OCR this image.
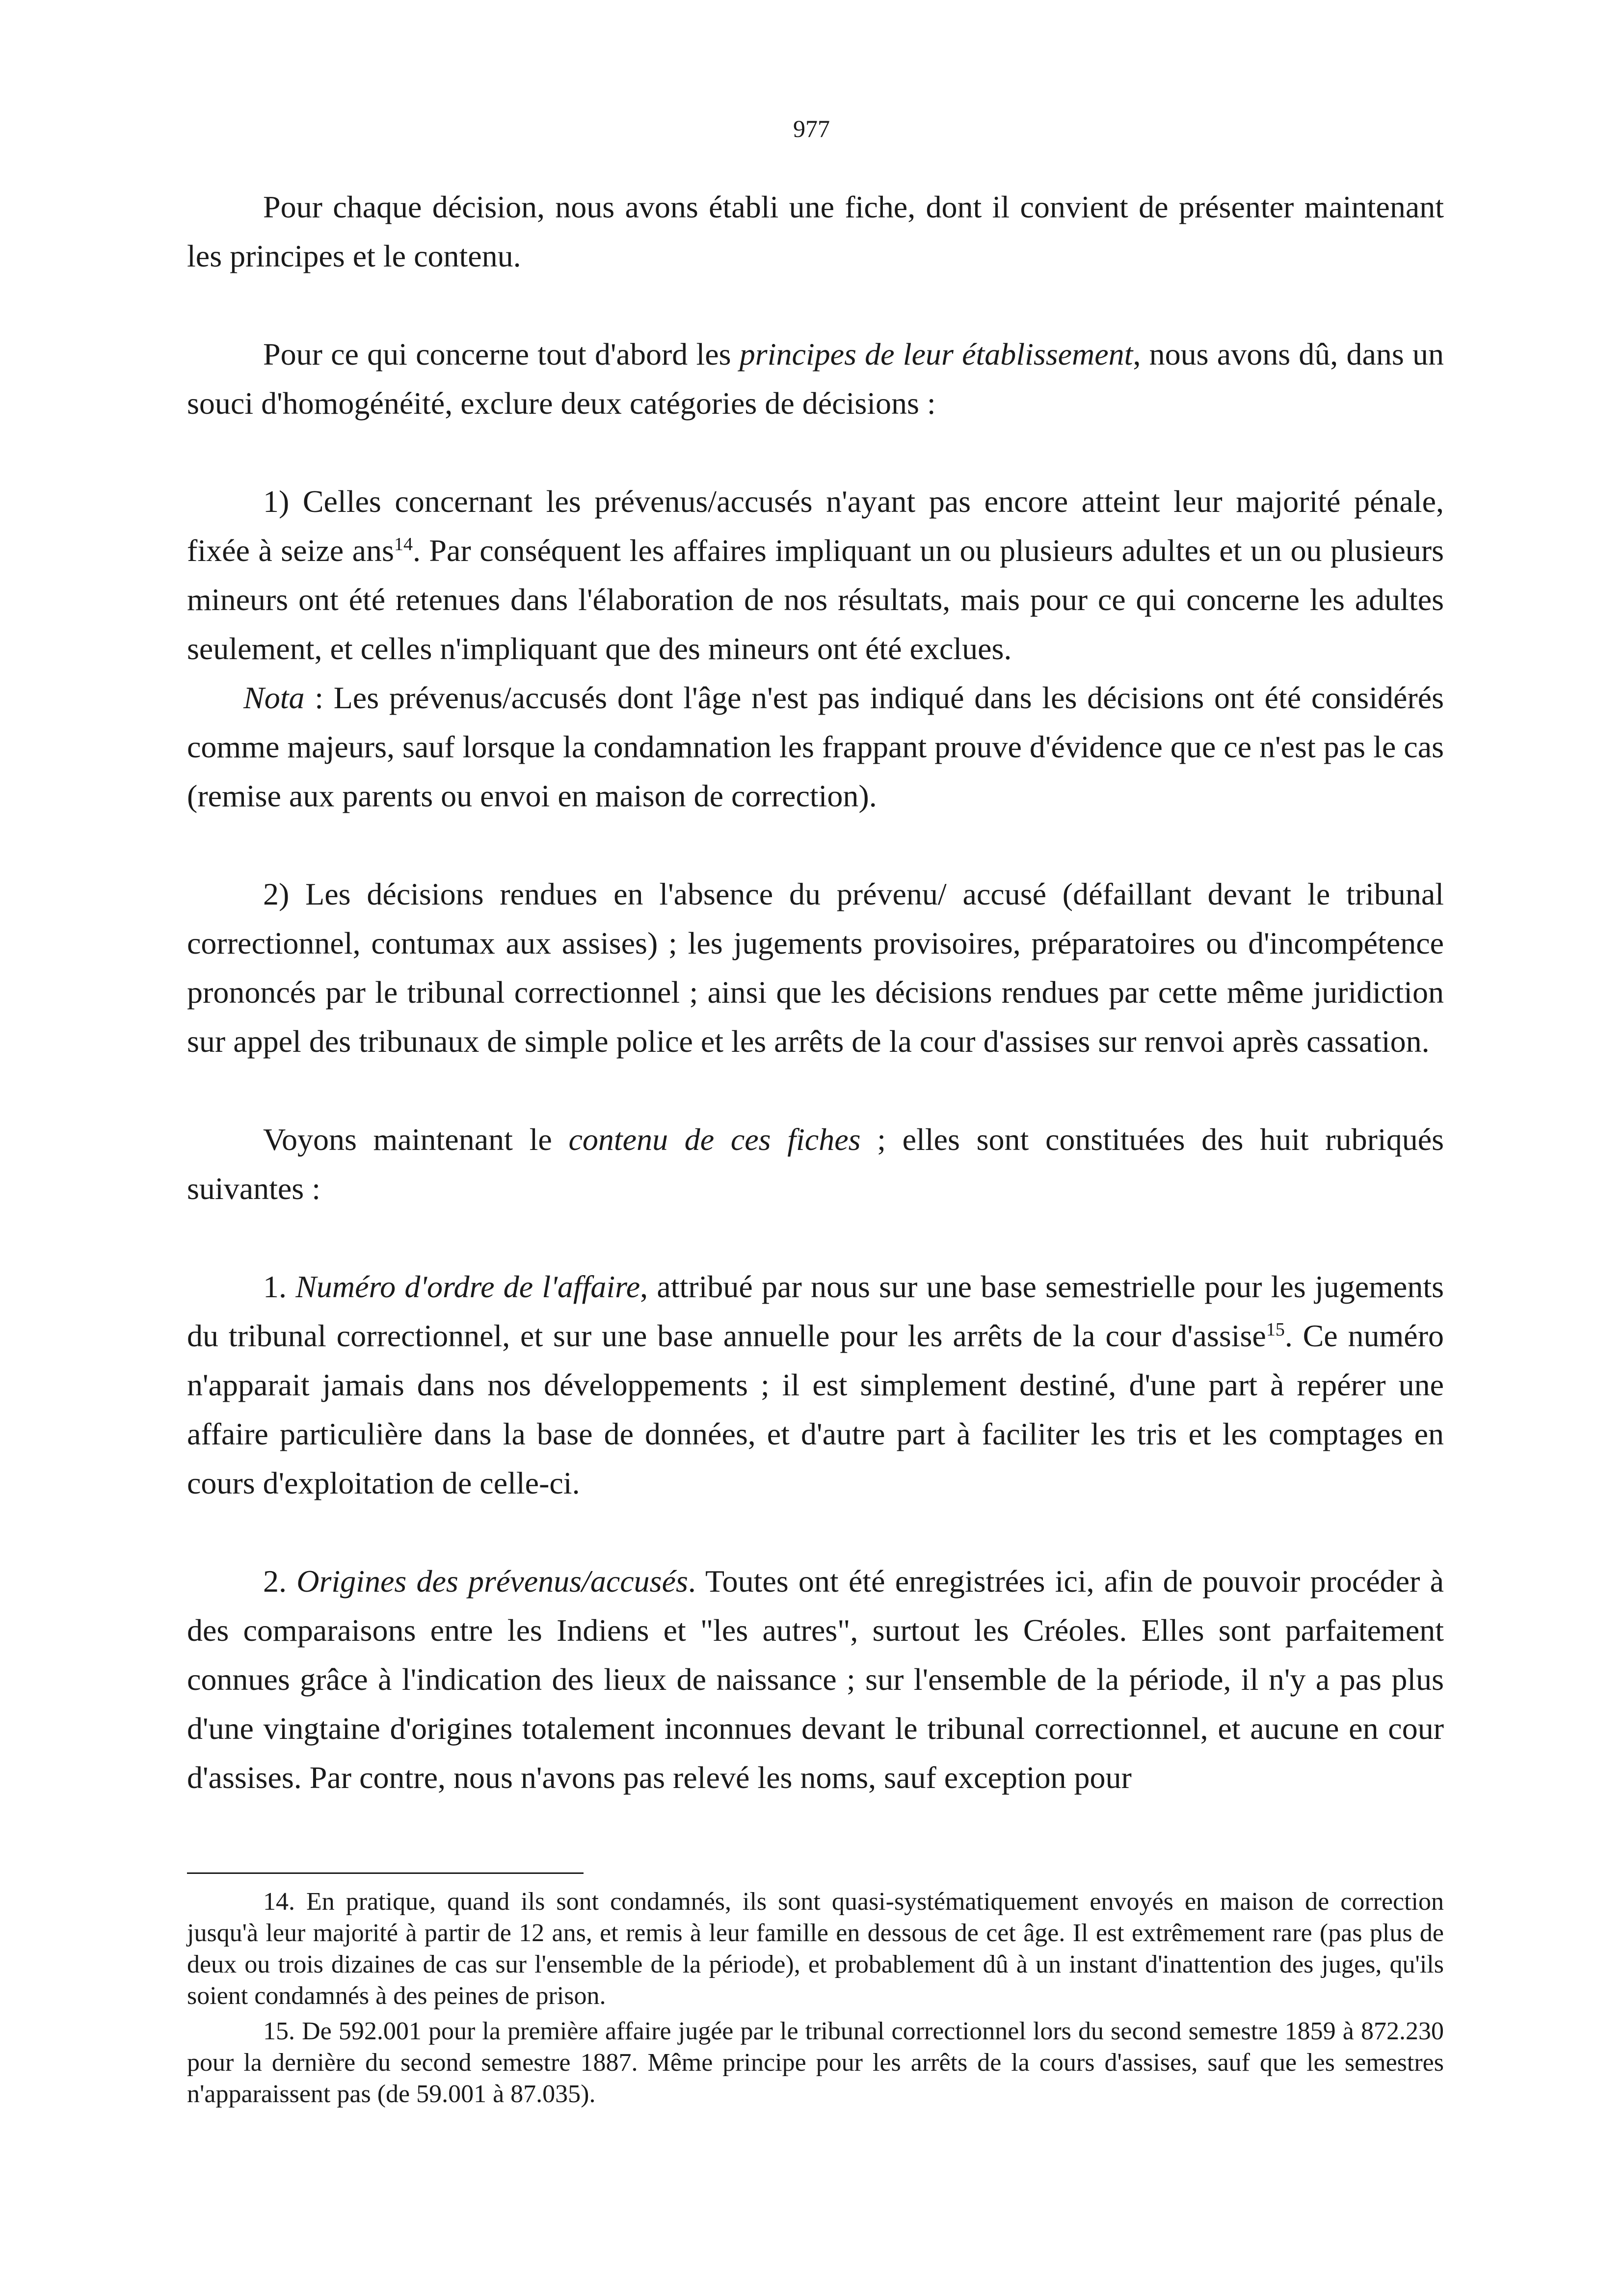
977

Pour chaque décision, nous avons établi une fiche, dont il convient de présenter maintenant les principes et le contenu.

Pour ce qui concerne tout d'abord les principes de leur établissement, nous avons dû, dans un souci d'homogénéité, exclure deux catégories de décisions :

1) Celles concernant les prévenus/accusés n'ayant pas encore atteint leur majorité pénale, fixée à seize ans$^{14}$. Par conséquent les affaires impliquant un ou plusieurs adultes et un ou plusieurs mineurs ont été retenues dans l'élaboration de nos résultats, mais pour ce qui concerne les adultes seulement, et celles n'impliquant que des mineurs ont été exclues.

Nota : Les prévenus/accusés dont l'âge n'est pas indiqué dans les décisions ont été considérés comme majeurs, sauf lorsque la condamnation les frappant prouve d'évidence que ce n'est pas le cas (remise aux parents ou envoi en maison de correction).

2) Les décisions rendues en l'absence du prévenu/ accusé (défaillant devant le tribunal correctionnel, contumax aux assises) ; les jugements provisoires, préparatoires ou d'incompétence prononcés par le tribunal correctionnel ; ainsi que les décisions rendues par cette même juridiction sur appel des tribunaux de simple police et les arrêts de la cour d'assises sur renvoi après cassation.

Voyons maintenant le contenu de ces fiches ; elles sont constituées des huit rubriqués suivantes :

1. Numéro d'ordre de l'affaire, attribué par nous sur une base semestrielle pour les jugements du tribunal correctionnel, et sur une base annuelle pour les arrêts de la cour d'assise$^{15}$. Ce numéro n'apparait jamais dans nos développements ; il est simplement destiné, d'une part à repérer une affaire particulière dans la base de données, et d'autre part à faciliter les tris et les comptages en cours d'exploitation de celle-ci.

2. Origines des prévenus/accusés. Toutes ont été enregistrées ici, afin de pouvoir procéder à des comparaisons entre les Indiens et "les autres", surtout les Créoles. Elles sont parfaitement connues grâce à l'indication des lieux de naissance ; sur l'ensemble de la période, il n'y a pas plus d'une vingtaine d'origines totalement inconnues devant le tribunal correctionnel, et aucune en cour d'assises. Par contre, nous n'avons pas relevé les noms, sauf exception pour

14. En pratique, quand ils sont condamnés, ils sont quasi-systématiquement envoyés en maison de correction jusqu'à leur majorité à partir de 12 ans, et remis à leur famille en dessous de cet âge. Il est extrêmement rare (pas plus de deux ou trois dizaines de cas sur l'ensemble de la période), et probablement dû à un instant d'inattention des juges, qu'ils soient condamnés à des peines de prison.

15. De 592.001 pour la première affaire jugée par le tribunal correctionnel lors du second semestre 1859 à 872.230 pour la dernière du second semestre 1887. Même principe pour les arrêts de la cours d'assises, sauf que les semestres n'apparaissent pas (de 59.001 à 87.035).
